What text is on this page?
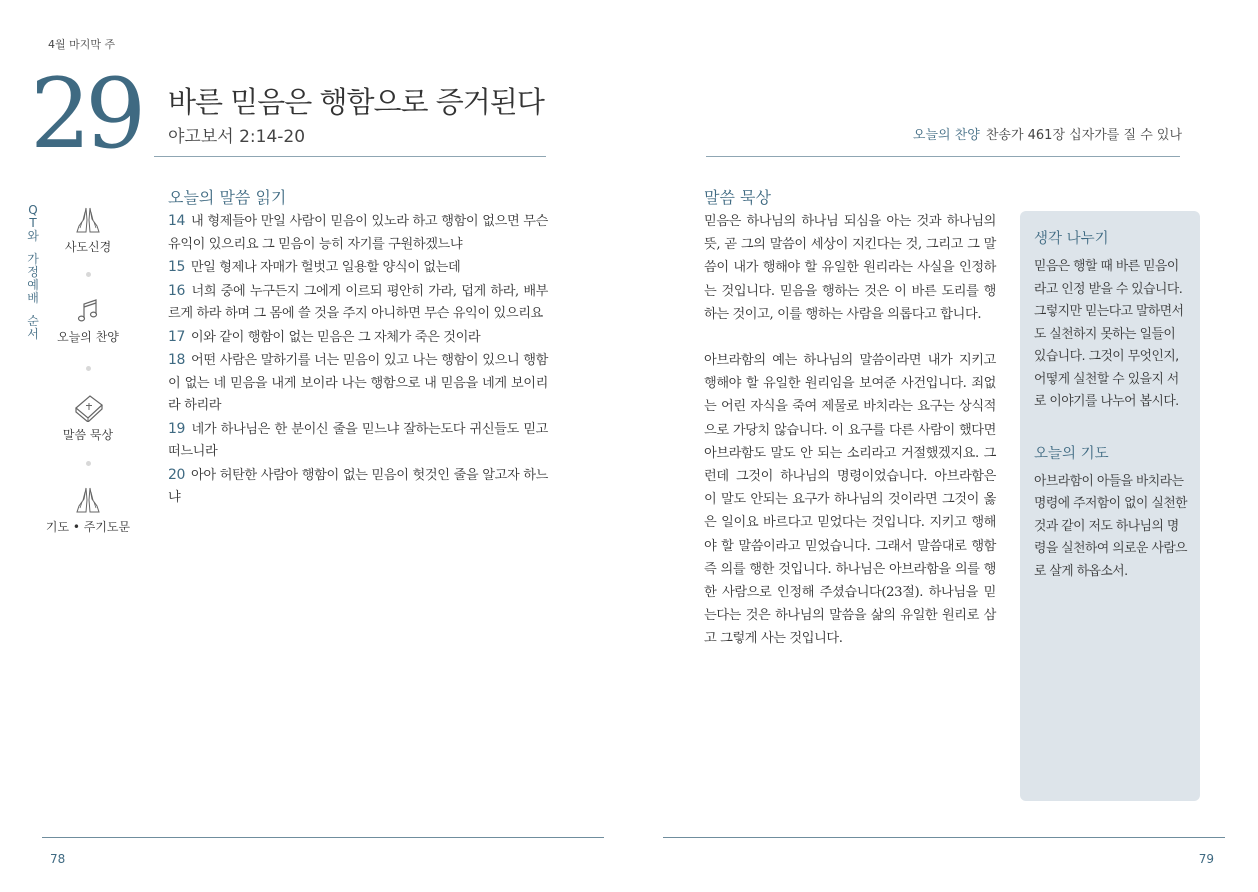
4월 마지막 주
29 바른 믿음은 행함으로 증거된다
야고보서 2:14-20	오늘의 찬양 찬송가 461장 십자가를 질 수 있나
Q
T
와
가
정
예
배
순
서
사도신경
오늘의 찬양
말씀 묵상
기도 • 주기도문
오늘의 말씀 읽기
14 내 형제들아 만일 사람이 믿음이 있노라 하고 행함이 없으면 무슨 유익이 있으리요 그 믿음이 능히 자기를 구원하겠느냐
15 만일 형제나 자매가 헐벗고 일용할 양식이 없는데
16 너희 중에 누구든지 그에게 이르되 평안히 가라, 덥게 하라, 배부르게 하라 하며 그 몸에 쓸 것을 주지 아니하면 무슨 유익이 있으리요
17 이와 같이 행함이 없는 믿음은 그 자체가 죽은 것이라
18 어떤 사람은 말하기를 너는 믿음이 있고 나는 행함이 있으니 행함이 없는 네 믿음을 내게 보이라 나는 행함으로 내 믿음을 네게 보이리라 하리라
19 네가 하나님은 한 분이신 줄을 믿느냐 잘하는도다 귀신들도 믿고 떠느니라
20 아아 허탄한 사람아 행함이 없는 믿음이 헛것인 줄을 알고자 하느냐
말씀 묵상

믿음은 하나님의 하나님 되심을 아는 것과 하나님의 뜻, 곧 그의 말씀이 세상이 지킨다는 것, 그리고 그 말씀이 내가 행해야 할 유일한 원리라는 사실을 인정하는 것입니다. 믿음을 행하는 것은 이 바른 도리를 행하는 것이고, 이를 행하는 사람을 의롭다고 합니다.

아브라함의 예는 하나님의 말씀이라면 내가 지키고 행해야 할 유일한 원리임을 보여준 사건입니다. 죄없는 어린 자식을 죽여 제물로 바치라는 요구는 상식적으로 가당치 않습니다. 이 요구를 다른 사람이 했다면 아브라함도 말도 안 되는 소리라고 거절했겠지요. 그런데 그것이 하나님의 명령이었습니다. 아브라함은 이 말도 안되는 요구가 하나님의 것이라면 그것이 옳은 일이요 바르다고 믿었다는 것입니다. 지키고 행해야 할 말씀이라고 믿었습니다. 그래서 말씀대로 행함 즉 의를 행한 것입니다. 하나님은 아브라함을 의를 행한 사람으로 인정해 주셨습니다(23절). 하나님을 믿는다는 것은 하나님의 말씀을 삶의 유일한 원리로 삼고 그렇게 사는 것입니다.

생각 나누기
믿음은 행할 때 바른 믿음이라고 인정 받을 수 있습니다. 그렇지만 믿는다고 말하면서도 실천하지 못하는 일들이 있습니다. 그것이 무엇인지, 어떻게 실천할 수 있을지 서로 이야기를 나누어 봅시다.
오늘의 기도
아브라함이 아들을 바치라는 명령에 주저함이 없이 실천한 것과 같이 저도 하나님의 명령을 실천하여 의로운 사람으로 살게 하옵소서.
78	79
